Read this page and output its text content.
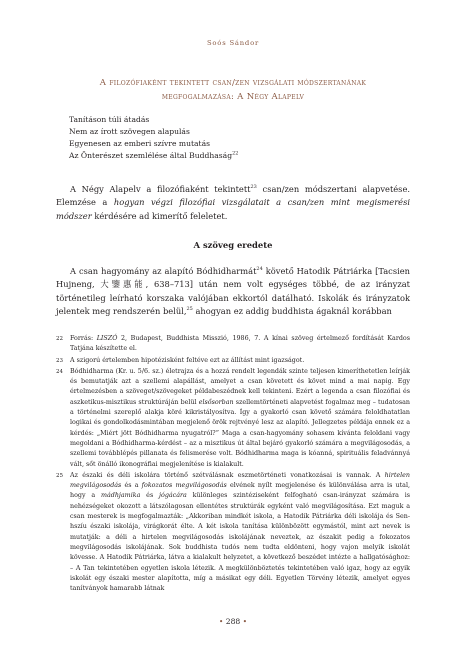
Soós Sándor
A filozófiaként tekintett csan/zen vizsgálati módszertanának
megfogalmazása: A Négy Alapelv
Tanításon túli átadás
Nem az írott szövegen alapulás
Egyenesen az emberi szívre mutatás
Az Önterészet szemlélése által Buddhaság$^{22}$

A Négy Alapelv a filozófiaként tekintett$^{23}$ csan/zen módszertani alapvetése. Elemzése a hogyan végzi filozófiai vizsgálatait a csan/zen mint megismerési módszer kérdésére ad kimerítő feleletet.

A szöveg eredete

A csan hagyomány az alapító Bódhidharmát$^{24}$ követő Hatodik Pátriárka [Tacsien Hujneng, 大鑒惠能, 638–713] után nem volt egységes többé, de az irányzat történetileg leírható korszaka valójában ekkortól datálható. Iskolák és irányzatok jelentek meg rendszerén belül,$^{25}$ ahogyan ez addig buddhista ágaknál korábban

22 Forrás: LISZÓ 2, Budapest, Buddhista Misszió, 1986, 7. A kínai szöveg értelmező fordítását Kardos Tatjána készítette el.
23 A szigorú értelemben hipotézisként feltéve ezt az állítást mint igazságot.
24 Bódhidharma (Kr. u. 5/6. sz.) életrajza és a hozzá rendelt legendák szinte teljesen kimeríthetetlen leírják és bemutatják azt a szellemi alapállást, amelyet a csan követett és követ mind a mai napig. Egy értelmezésben a szöveget/szövegeket példabeszédnek kell tekinteni. Ezért a legenda a csan filozófiai és aszketikus-misztikus struktúráján belül elsősorban szellemtörténeti alapvetést fogalmaz meg – tudatosan a történelmi szereplő alakja köré kikristályosítva. Így a gyakorló csan követő számára feloldhatatlan logikai és gondolkodásmintában megjelenő örök rejtvényé lesz az alapító. Jellegzetes példája ennek ez a kérdés: „Miért jött Bódhidharma nyugatról?” Maga a csan-hagyomány sohasem kívánta feloldani vagy megoldani a Bódhidharma-kérdést – az a misztikus út által bejáró gyakorló számára a megvilágosodás, a szellemi továbblépés pillanata és felismerése volt. Bódhidharma maga is kóanná, spirituális feladvánnyá vált, sőt önálló ikonográfiai megjelenítése is kialakult.
25 Az északi és déli iskolára történő szétválásnak eszmetörténeti vonatkozásai is vannak. A hirtelen megvilágosodás és a fokozatos megvilágosodás elvének nyílt megjelenése és különválása arra is utal, hogy a mádhjamika és jógácára különleges szintéziseként felfogható csan-irányzat számára is nehézségeket okozott a látszólagosan ellentétes struktúrák egyként való megvilágosítása. Ezt maguk a csan mesterek is megfogalmazták: „Akkoriban mindkét iskola, a Hatodik Pátriárka déli iskolája és Sen-hszíu északi iskolája, virágkorát élte. A két iskola tanítása különbözött egymástól, mint azt nevek is mutatják: a déli a hirtelen megvilágosodás iskolájának neveztek, az északit pedig a fokozatos megvilágosodás iskolájának. Sok buddhista tudós nem tudta eldönteni, hogy vajon melyik iskolát kövesse. A Hatodik Pátriárka, látva a kialakult helyzetet, a következő beszédet intézte a hallgatósághoz: – A Tan tekintetében egyetlen iskola létezik. A megkülönböztetés tekintetében való igaz, hogy az egyik iskolát egy északi mester alapította, míg a másikat egy déli. Egyetlen Törvény létezik, amelyet egyes tanítványok hamarabb látnak
• 288 •
